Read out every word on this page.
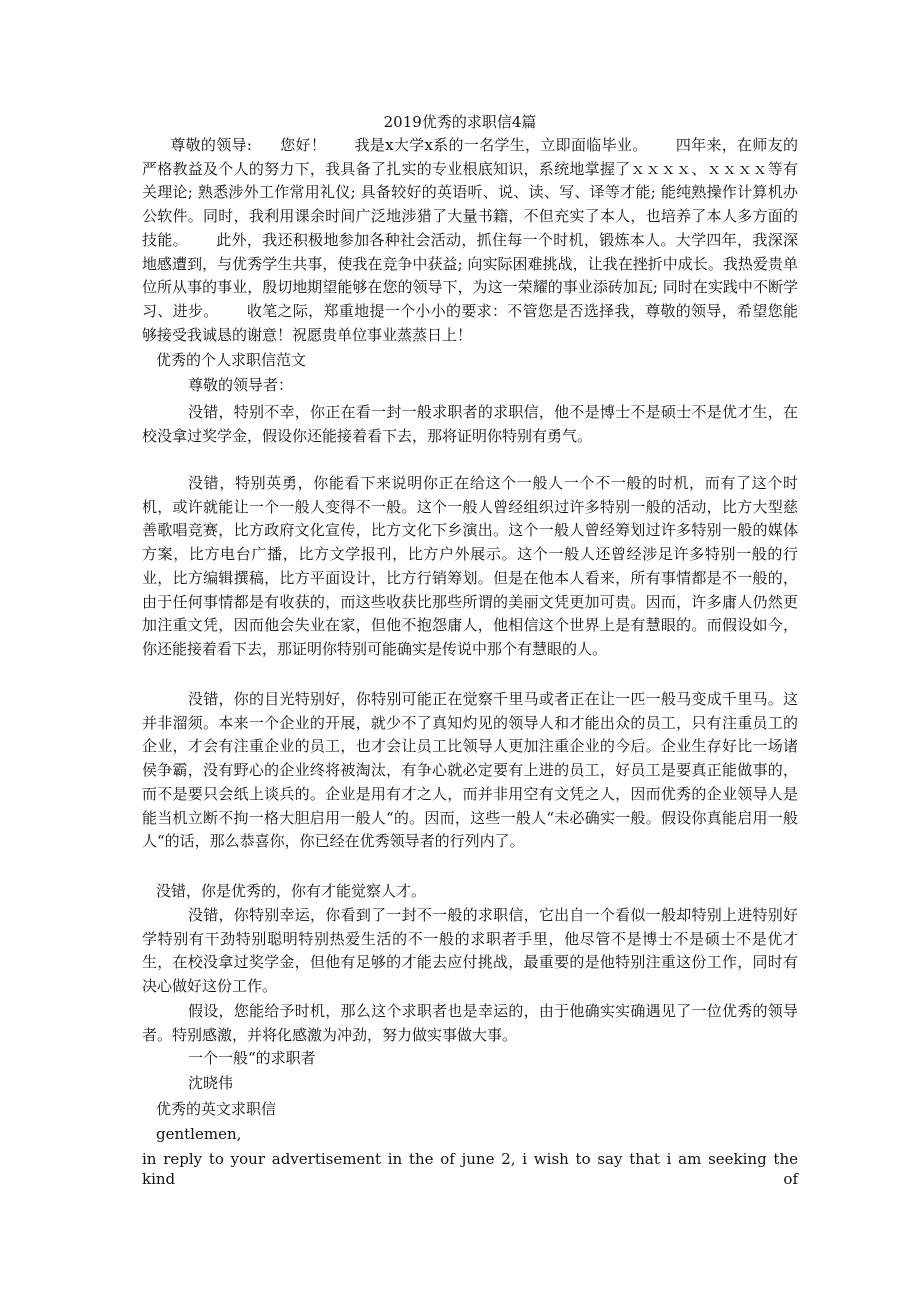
2019优秀的求职信4篇

尊敬的领导: 您好！ 我是x大学x系的一名学生，立即面临毕业。 四年来，在师友的严格教益及个人的努力下，我具备了扎实的专业根底知识，系统地掌握了ｘｘｘｘ、ｘｘｘｘ等有关理论; 熟悉涉外工作常用礼仪; 具备较好的英语听、说、读、写、译等才能; 能纯熟操作计算机办公软件。同时，我利用课余时间广泛地涉猎了大量书籍，不但充实了本人，也培养了本人多方面的技能。 此外，我还积极地参加各种社会活动，抓住每一个时机，锻炼本人。大学四年，我深深地感遭到，与优秀学生共事，使我在竞争中获益; 向实际困难挑战，让我在挫折中成长。我热爱贵单位所从事的事业，殷切地期望能够在您的领导下，为这一荣耀的事业添砖加瓦; 同时在实践中不断学习、进步。 收笔之际，郑重地提一个小小的要求：不管您是否选择我，尊敬的领导，希望您能够接受我诚恳的谢意！祝愿贵单位事业蒸蒸日上！

优秀的个人求职信范文

尊敬的领导者：

没错，特别不幸，你正在看一封一般求职者的求职信，他不是博士不是硕士不是优才生，在校没拿过奖学金，假设你还能接着看下去，那将证明你特别有勇气。

没错，特别英勇，你能看下来说明你正在给这个一般人一个不一般的时机，而有了这个时机，或许就能让一个一般人变得不一般。这个一般人曾经组织过许多特别一般的活动，比方大型慈善歌唱竞赛，比方政府文化宣传，比方文化下乡演出。这个一般人曾经筹划过许多特别一般的媒体方案，比方电台广播，比方文学报刊，比方户外展示。这个一般人还曾经涉足许多特别一般的行业，比方编辑撰稿，比方平面设计，比方行销筹划。但是在他本人看来，所有事情都是不一般的，由于任何事情都是有收获的，而这些收获比那些所谓的美丽文凭更加可贵。因而，许多庸人仍然更加注重文凭，因而他会失业在家，但他不抱怨庸人，他相信这个世界上是有慧眼的。而假设如今，你还能接着看下去，那证明你特别可能确实是传说中那个有慧眼的人。

没错，你的目光特别好，你特别可能正在觉察千里马或者正在让一匹一般马变成千里马。这并非溜须。本来一个企业的开展，就少不了真知灼见的领导人和才能出众的员工，只有注重员工的企业，才会有注重企业的员工，也才会让员工比领导人更加注重企业的今后。企业生存好比一场诸侯争霸，没有野心的企业终将被淘汰，有争心就必定要有上进的员工，好员工是要真正能做事的，而不是要只会纸上谈兵的。企业是用有才之人，而并非用空有文凭之人，因而优秀的企业领导人是能当机立断不拘一格大胆启用一般人“的。因而，这些一般人“未必确实一般。假设你真能启用一般人“的话，那么恭喜你，你已经在优秀领导者的行列内了。

没错，你是优秀的，你有才能觉察人才。

没错，你特别幸运，你看到了一封不一般的求职信，它出自一个看似一般却特别上进特别好学特别有干劲特别聪明特别热爱生活的不一般的求职者手里，他尽管不是博士不是硕士不是优才生，在校没拿过奖学金，但他有足够的才能去应付挑战，最重要的是他特别注重这份工作，同时有决心做好这份工作。

假设，您能给予时机，那么这个求职者也是幸运的，由于他确实实确遇见了一位优秀的领导者。特别感激，并将化感激为冲劲，努力做实事做大事。

一个一般“的求职者

沈晓伟

优秀的英文求职信

gentlemen,

in reply to your advertisement in the of june 2, i wish to say that i am seeking the kind of
